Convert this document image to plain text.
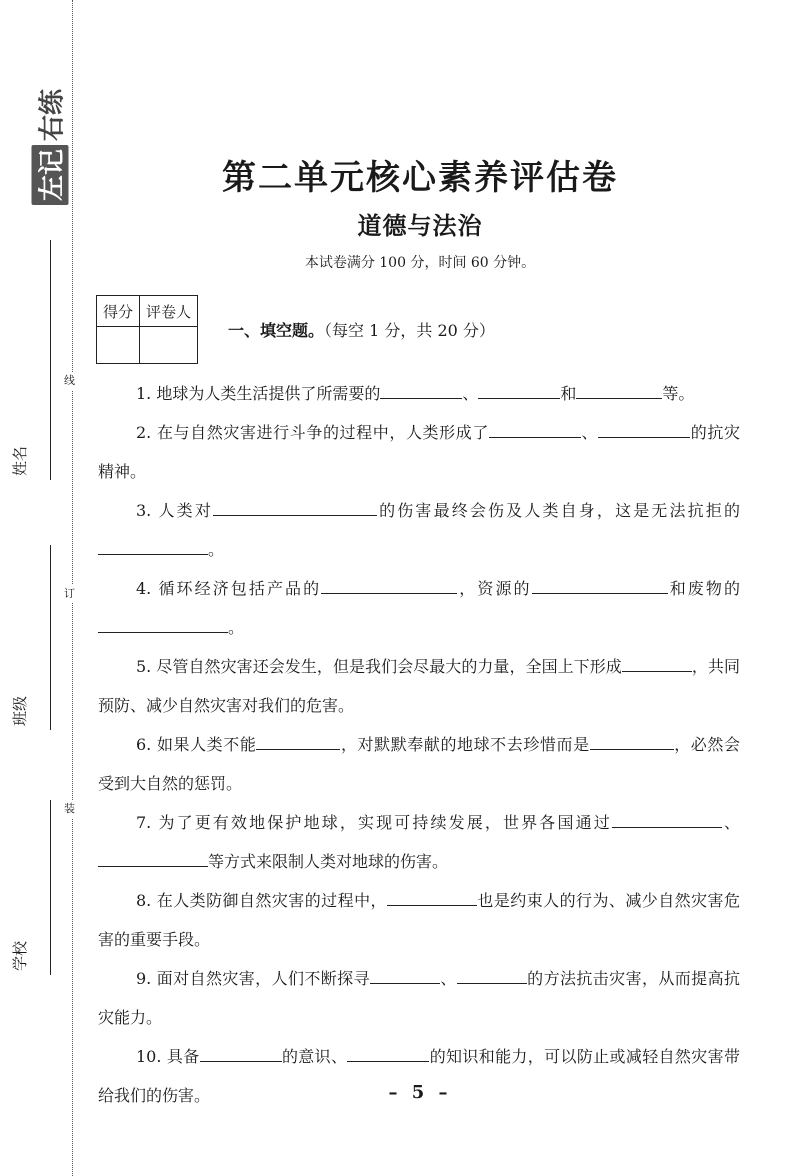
线
订
装
左记右练
姓名
班级
学校
第二单元核心素养评估卷
道德与法治
本试卷满分 100 分，时间 60 分钟。
得分	评卷人

一、填空题。（每空 1 分，共 20 分）

1. 地球为人类生活提供了所需要的	、	和	等。

2. 在与自然灾害进行斗争的过程中，人类形成了	、	的抗灾精神。

3. 人类对	的伤害最终会伤及人类自身，这是无法抗拒的。

4. 循环经济包括产品的	，资源的	和废物的。

5. 尽管自然灾害还会发生，但是我们会尽最大的力量，全国上下形成	，共同预防、减少自然灾害对我们的危害。

6. 如果人类不能	，对默默奉献的地球不去珍惜而是	，必然会受到大自然的惩罚。

7. 为了更有效地保护地球，实现可持续发展，世界各国通过	、等方式来限制人类对地球的伤害。

8. 在人类防御自然灾害的过程中，	也是约束人的行为、减少自然灾害危害的重要手段。

9. 面对自然灾害，人们不断探寻	、	的方法抗击灾害，从而提高抗灾能力。

10. 具备	的意识、	的知识和能力，可以防止或减轻自然灾害带给我们的伤害。	– 5 –
